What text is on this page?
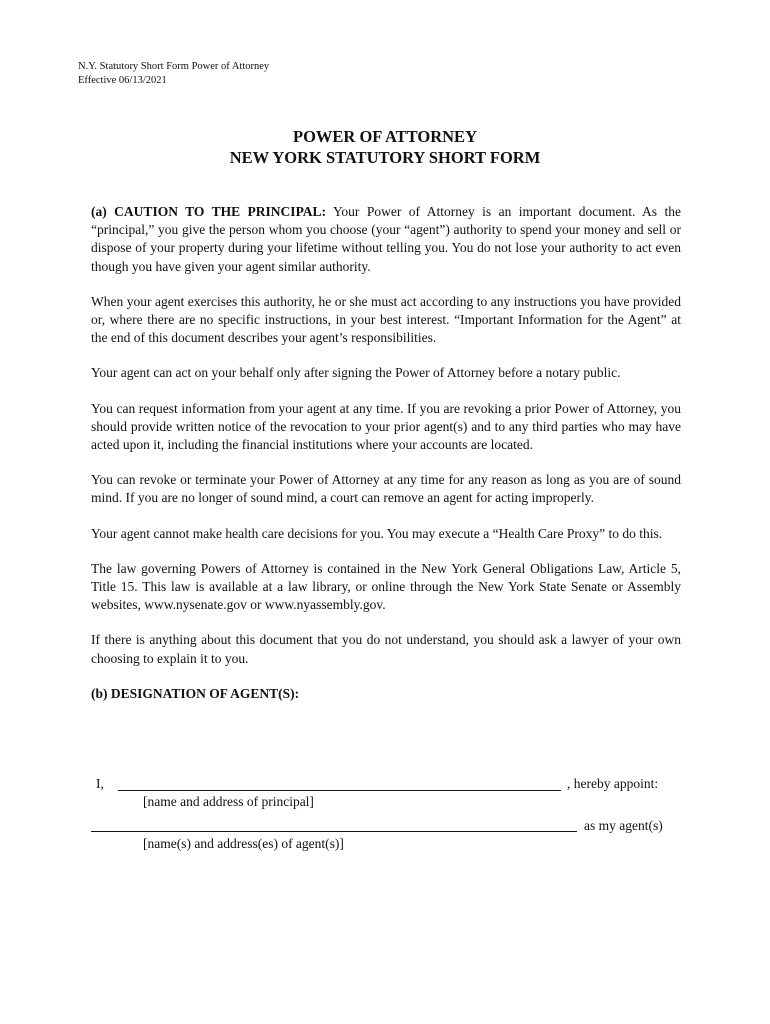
N.Y. Statutory Short Form Power of Attorney
Effective 06/13/2021
POWER OF ATTORNEY
NEW YORK STATUTORY SHORT FORM

(a) CAUTION TO THE PRINCIPAL: Your Power of Attorney is an important document. As the “principal,” you give the person whom you choose (your “agent”) authority to spend your money and sell or dispose of your property during your lifetime without telling you. You do not lose your authority to act even though you have given your agent similar authority.

When your agent exercises this authority, he or she must act according to any instructions you have provided or, where there are no specific instructions, in your best interest. “Important Information for the Agent” at the end of this document describes your agent’s responsibilities.

Your agent can act on your behalf only after signing the Power of Attorney before a notary public.

You can request information from your agent at any time. If you are revoking a prior Power of Attorney, you should provide written notice of the revocation to your prior agent(s) and to any third parties who may have acted upon it, including the financial institutions where your accounts are located.

You can revoke or terminate your Power of Attorney at any time for any reason as long as you are of sound mind. If you are no longer of sound mind, a court can remove an agent for acting improperly.

Your agent cannot make health care decisions for you. You may execute a “Health Care Proxy” to do this.

The law governing Powers of Attorney is contained in the New York General Obligations Law, Article 5, Title 15. This law is available at a law library, or online through the New York State Senate or Assembly websites, www.nysenate.gov or www.nyassembly.gov.

If there is anything about this document that you do not understand, you should ask a lawyer of your own choosing to explain it to you.

(b) DESIGNATION OF AGENT(S):

I,	, hereby appoint:
[name and address of principal]
as my agent(s)
[name(s) and address(es) of agent(s)]
